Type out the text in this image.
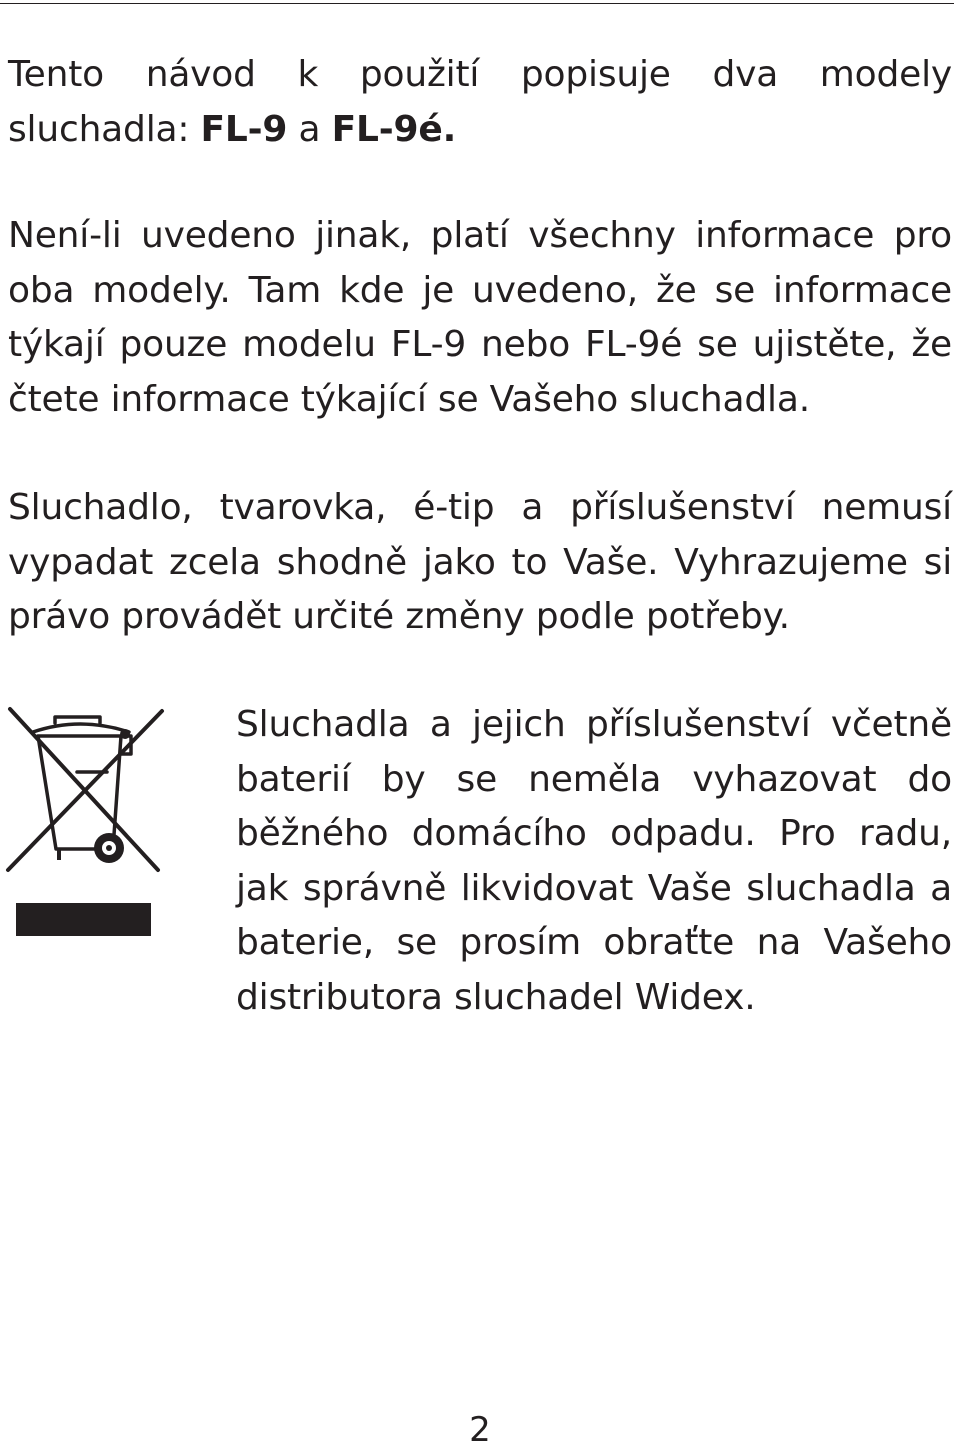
Tento návod k použití popisuje dva modely sluchadla: FL-9 a FL-9é.

Není-li uvedeno jinak, platí všechny informace pro oba modely. Tam kde je uvedeno, že se informace týkají pouze modelu FL-9 nebo FL-9é se ujistěte, že čtete informace týkající se Vašeho sluchadla.

Sluchadlo, tvarovka, é-tip a příslušenství nemusí vypadat zcela shodně jako to Vaše. Vyhrazujeme si právo provádět určité změny podle potřeby.

Sluchadla a jejich příslušenství včetně baterií by se neměla vyhazovat do běžného domácího odpadu. Pro radu, jak správně likvidovat Vaše sluchadla a baterie, se prosím obraťte na Vašeho distributora sluchadel Widex.

2
